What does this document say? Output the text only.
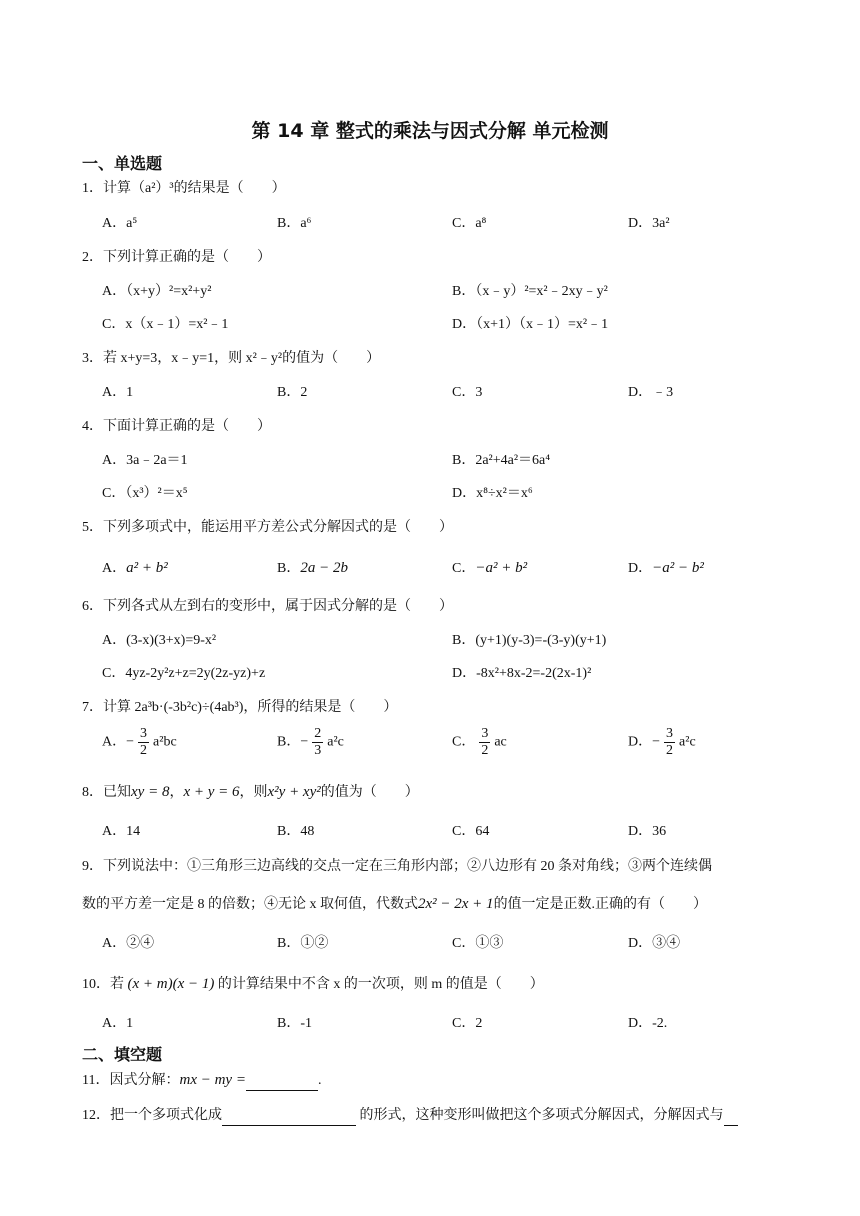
第 14 章 整式的乘法与因式分解 单元检测
一、单选题
1．计算（a²）³的结果是（　　）
A．a⁵	B．a⁶	C．a⁸	D．3a²
2．下列计算正确的是（　　）
A．（x+y）²=x²+y²	B．（x﹣y）²=x²﹣2xy﹣y²
C．x（x﹣1）=x²﹣1	D．（x+1）（x﹣1）=x²﹣1
3．若 x+y=3，x﹣y=1，则 x²﹣y²的值为（　　）
A．1	B．2	C．3	D．﹣3
4．下面计算正确的是（　　）
A．3a﹣2a＝1	B．2a²+4a²＝6a⁴
C．（x³）²＝x⁵	D．x⁸÷x²＝x⁶
5．下列多项式中，能运用平方差公式分解因式的是（　　）
A．a² + b²	B．2a − 2b	C．−a² + b²	D．−a² − b²
6．下列各式从左到右的变形中，属于因式分解的是（　　）
A．(3-x)(3+x)=9-x²	B．(y+1)(y-3)=-(3-y)(y+1)
C．4yz-2y²z+z=2y(2z-yz)+z	D．-8x²+8x-2=-2(2x-1)²
7．计算 2a³b·(-3b²c)÷(4ab³)，所得的结果是（　　）
A．− $\frac{3}{2} a^2bc$	B．− $\frac{2}{3} a^2c$	C． $\frac{3}{2}$ ac	D．− $\frac{3}{2} a^2c$
8．已知xy = 8，x + y = 6，则x²y + xy²的值为（　　）
A．14	B．48	C．64	D．36
9．下列说法中：①三角形三边高线的交点一定在三角形内部；②八边形有 20 条对角线；③两个连续偶
数的平方差一定是 8 的倍数；④无论 x 取何值，代数式2x² − 2x + 1的值一定是正数.正确的有（　　）
A．②④	B．①②	C．①③	D．③④
10．若 (x + m)(x − 1) 的计算结果中不含 x 的一次项，则 m 的值是（　　）
A．1	B．-1	C．2	D．-2.
二、填空题
11．因式分解：mx − my =	.
12．把一个多项式化成	的形式，这种变形叫做把这个多项式分解因式，分解因式与
